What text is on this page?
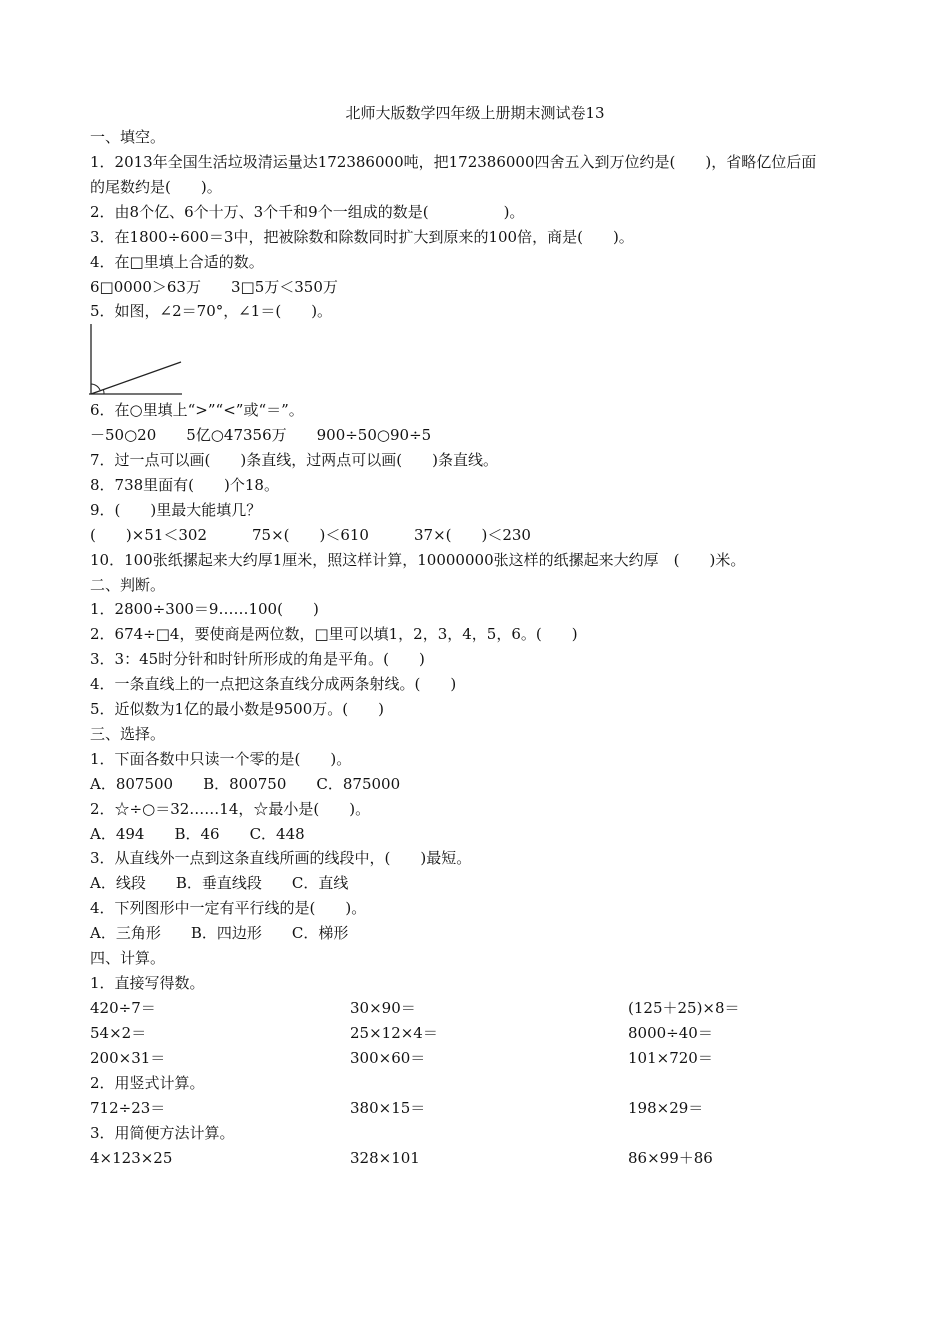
北师大版数学四年级上册期末测试卷13
一、填空。
1．2013年全国生活垃圾清运量达172386000吨，把172386000四舍五入到万位约是(　　)，省略亿位后面
的尾数约是(　　)。
2．由8个亿、6个十万、3个千和9个一组成的数是(　　　　　)。
3．在1800÷600＝3中，把被除数和除数同时扩大到原来的100倍，商是(　　)。
4．在□里填上合适的数。
6□0000＞63万　　3□5万＜350万
5．如图，∠2＝70°，∠1＝(　　)。
6．在○里填上“>”“<”或“＝”。
－50○20　　5亿○47356万　　900÷50○90÷5
7．过一点可以画(　　)条直线，过两点可以画(　　)条直线。
8．738里面有(　　)个18。
9．(　　)里最大能填几？
(　　)×51＜302　　　75×(　　)＜610　　　37×(　　)＜230
10．100张纸摞起来大约厚1厘米，照这样计算，10000000张这样的纸摞起来大约厚　(　　)米。
二、判断。
1．2800÷300＝9……100(　　)
2．674÷□4，要使商是两位数，□里可以填1，2，3，4，5，6。(　　)
3．3：45时分针和时针所形成的角是平角。(　　)
4．一条直线上的一点把这条直线分成两条射线。(　　)
5．近似数为1亿的最小数是9500万。(　　)
三、选择。
1．下面各数中只读一个零的是(　　)。
A．807500　　B．800750　　C．875000
2．☆÷○＝32……14，☆最小是(　　)。
A．494　　B．46　　C．448
3．从直线外一点到这条直线所画的线段中，(　　)最短。
A．线段　　B．垂直线段　　C．直线
4．下列图形中一定有平行线的是(　　)。
A．三角形　　B．四边形　　C．梯形
四、计算。
1．直接写得数。
420÷7＝	30×90＝	(125＋25)×8＝
54×2＝	25×12×4＝	8000÷40＝
200×31＝	300×60＝	101×720＝
2．用竖式计算。
712÷23＝	380×15＝	198×29＝
3．用简便方法计算。
4×123×25	328×101	86×99＋86
